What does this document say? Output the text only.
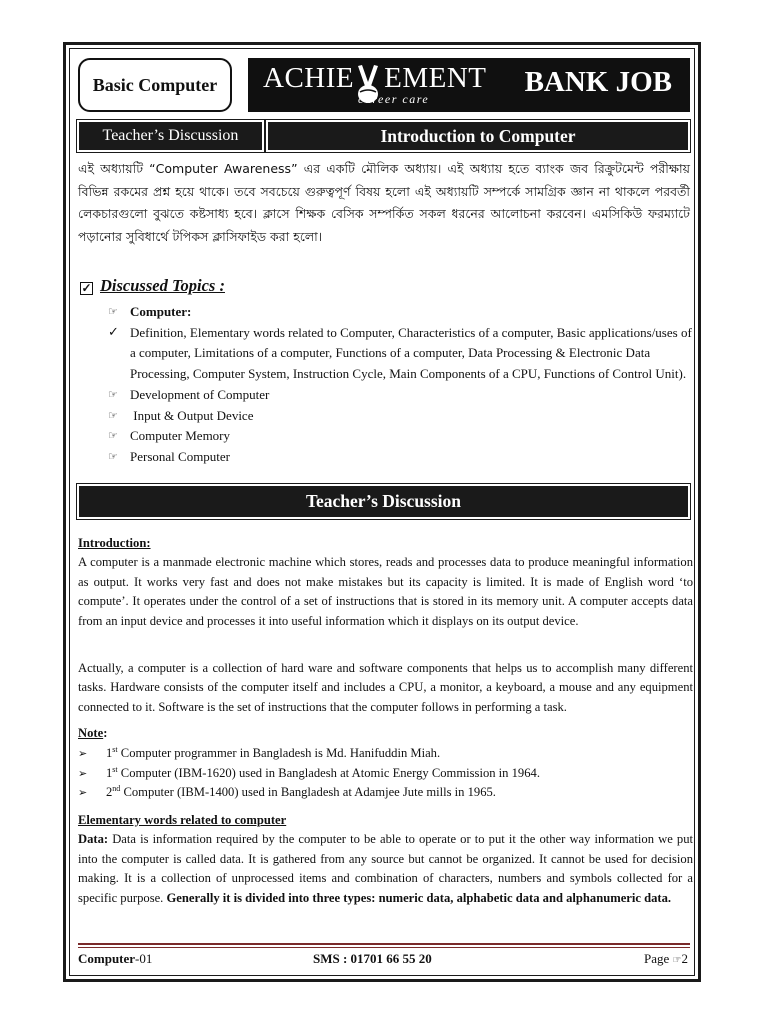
Basic Computer ACHIE EMENT
career care
BANK JOB
Teacher’s Discussion	Introduction to Computer
এই অধ্যায়টি “Computer Awareness” এর একটি মৌলিক অধ্যায়। এই অধ্যায় হতে ব্যাংক জব রিক্রুটমেন্ট পরীক্ষায় বিভিন্ন রকমের প্রশ্ন হয়ে থাকে। তবে সবচেয়ে গুরুত্বপূর্ণ বিষয় হলো এই অধ্যায়টি সম্পর্কে সামগ্রিক জ্ঞান না থাকলে পরবর্তী লেকচারগুলো বুঝতে কষ্টসাধ্য হবে। ক্লাসে শিক্ষক বেসিক সম্পর্কিত সকল ধরনের আলোচনা করবেন। এমসিকিউ ফরম্যাটে পড়ানোর সুবিধার্থে টপিকস ক্লাসিফাইড করা হলো।
✓ Discussed Topics :
☞ Computer:
✓ Definition, Elementary words related to Computer, Characteristics of a computer, Basic applications/uses of a computer, Limitations of a computer, Functions of a computer, Data Processing & Electronic Data Processing, Computer System, Instruction Cycle, Main Components of a CPU, Functions of Control Unit).
☞ Development of Computer
☞ Input & Output Device
☞ Computer Memory
☞ Personal Computer
Teacher’s Discussion
Introduction:
A computer is a manmade electronic machine which stores, reads and processes data to produce meaningful information as output. It works very fast and does not make mistakes but its capacity is limited. It is made of English word ‘to compute’. It operates under the control of a set of instructions that is stored in its memory unit. A computer accepts data from an input device and processes it into useful information which it displays on its output device.
Actually, a computer is a collection of hard ware and software components that helps us to accomplish many different tasks. Hardware consists of the computer itself and includes a CPU, a monitor, a keyboard, a mouse and any equipment connected to it. Software is the set of instructions that the computer follows in performing a task.
Note:
➢ 1st Computer programmer in Bangladesh is Md. Hanifuddin Miah.
➢ 1st Computer (IBM-1620) used in Bangladesh at Atomic Energy Commission in 1964.
➢ 2nd Computer (IBM-1400) used in Bangladesh at Adamjee Jute mills in 1965.
Elementary words related to computer
Data: Data is information required by the computer to be able to operate or to put it the other way information we put into the computer is called data. It is gathered from any source but cannot be organized. It cannot be used for decision making. It is a collection of unprocessed items and combination of characters, numbers and symbols collected for a specific purpose. Generally it is divided into three types: numeric data, alphabetic data and alphanumeric data.
Computer-01	SMS : 01701 66 55 20	Page ☞2
